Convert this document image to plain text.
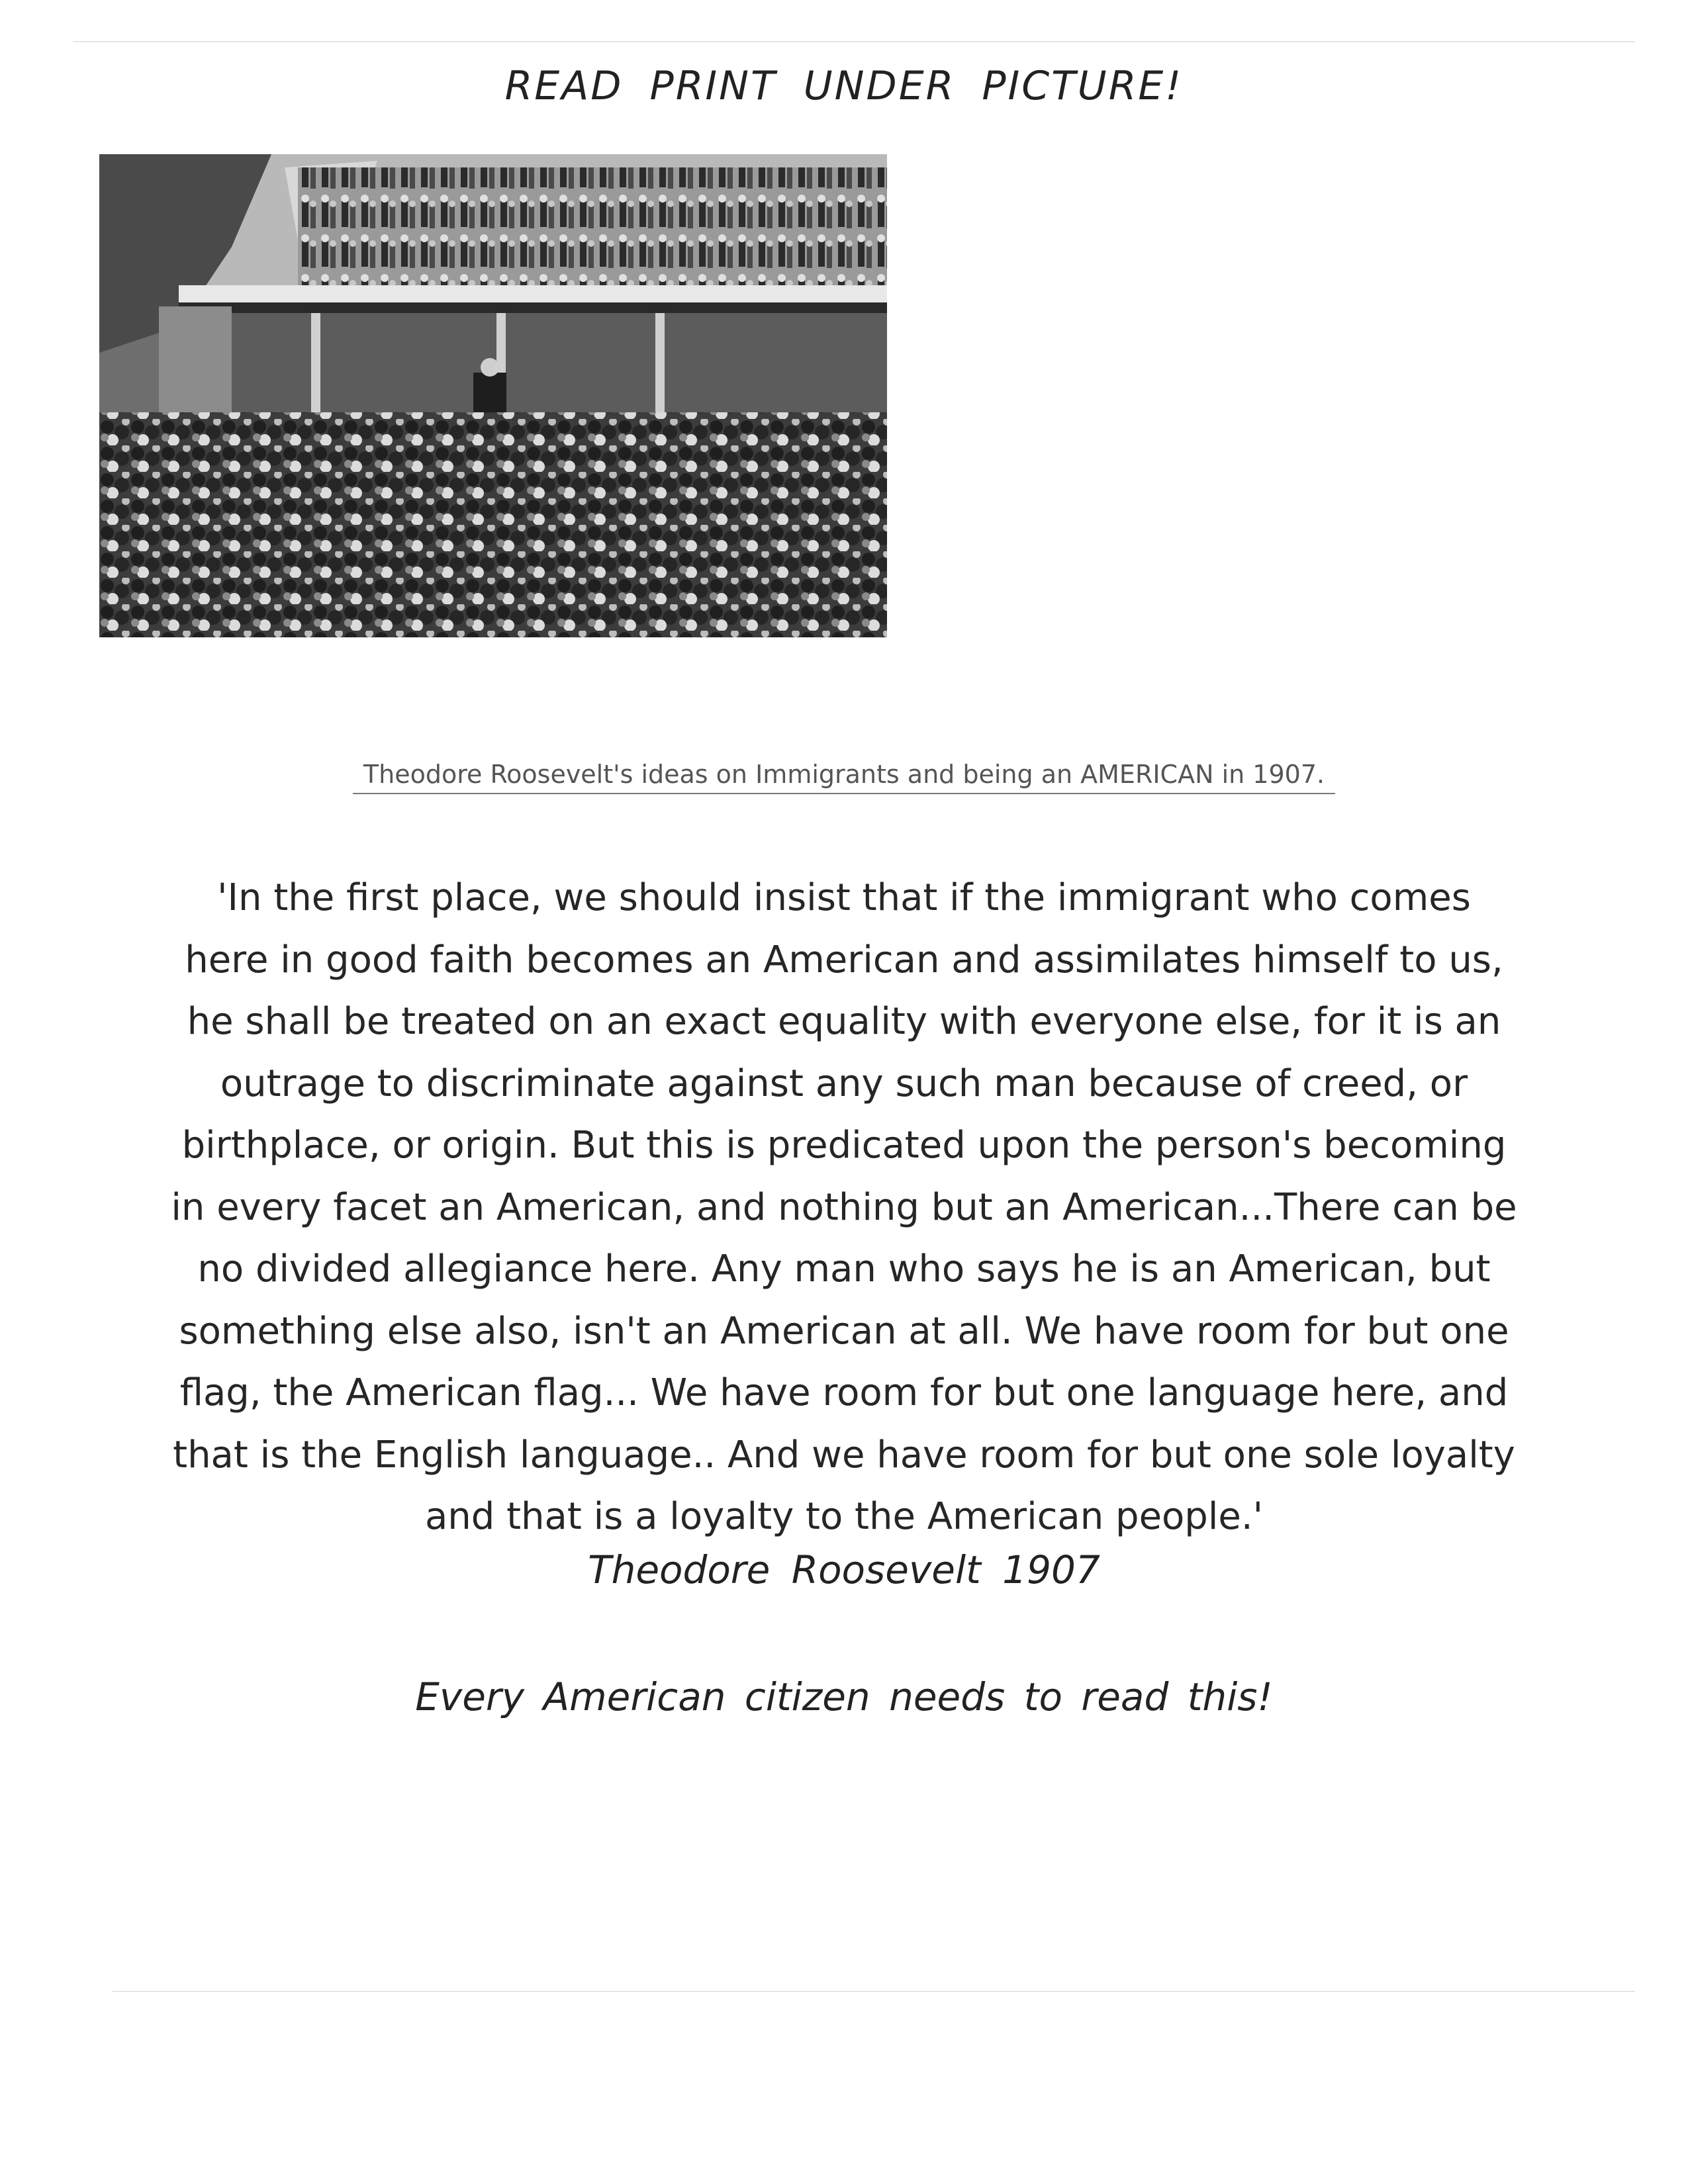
READ PRINT UNDER PICTURE!
Theodore Roosevelt's ideas on Immigrants and being an AMERICAN in 1907.
'In the first place, we should insist that if the immigrant who comes
here in good faith becomes an American and assimilates himself to us,
he shall be treated on an exact equality with everyone else, for it is an
outrage to discriminate against any such man because of creed, or
birthplace, or origin. But this is predicated upon the person's becoming
in every facet an American, and nothing but an American...There can be
no divided allegiance here. Any man who says he is an American, but
something else also, isn't an American at all. We have room for but one
flag, the American flag... We have room for but one language here, and
that is the English language.. And we have room for but one sole loyalty
and that is a loyalty to the American people.'
Theodore Roosevelt 1907
Every American citizen needs to read this!
